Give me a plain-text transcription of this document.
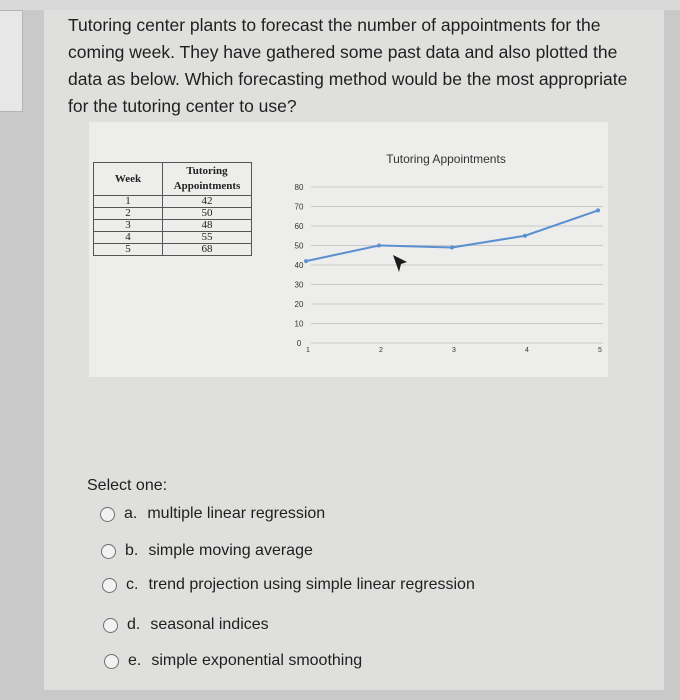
Tutoring center plants to forecast the number of appointments for the coming week. They have gathered some past data and also plotted the data as below. Which forecasting method would be the most appropriate for the tutoring center to use?

Week	Tutoring Appointments
1	42
2	50
3	48
4	55
5	68
Tutoring Appointments
0
10
20
30
40
50
60
70
80
1	2	3	4	5
Select one:
a. multiple linear regression
b. simple moving average
c. trend projection using simple linear regression
d. seasonal indices
e. simple exponential smoothing
